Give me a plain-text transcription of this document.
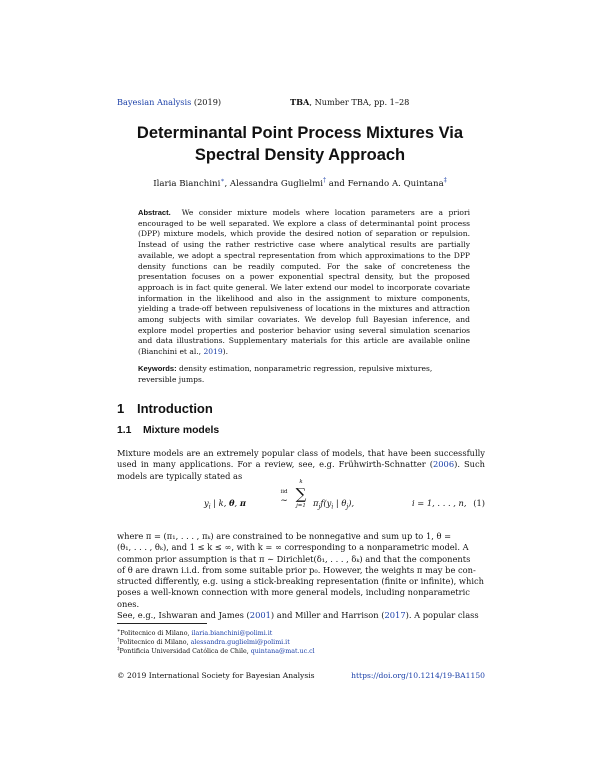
Bayesian Analysis (2019)	TBA, Number TBA, pp. 1–28
Determinantal Point Process Mixtures Via
Spectral Density Approach
Ilaria Bianchini∗, Alessandra Guglielmi† and Fernando A. Quintana‡
Abstract. We consider mixture models where location parameters are a priori encouraged to be well separated. We explore a class of determinantal point process (DPP) mixture models, which provide the desired notion of separation or repulsion. Instead of using the rather restrictive case where analytical results are partially available, we adopt a spectral representation from which approximations to the DPP density functions can be readily computed. For the sake of concreteness the presentation focuses on a power exponential spectral density, but the proposed approach is in fact quite general. We later extend our model to incorporate covariate information in the likelihood and also in the assignment to mixture components, yielding a trade-off between repulsiveness of locations in the mixtures and attraction among subjects with similar covariates. We develop full Bayesian inference, and explore model properties and posterior behavior using several simulation scenarios and data illustrations. Supplementary materials for this article are available online (Bianchini et al., 2019).
Keywords: density estimation, nonparametric regression, repulsive mixtures, reversible jumps.
1 Introduction
1.1 Mixture models
Mixture models are an extremely popular class of models, that have been successfully used in many applications. For a review, see, e.g. Frühwirth-Schnatter (2006). Such models are typically stated as
$y_i$ | k, θ, π
iid
∼
k
∑
j=1 $\pi_jf(y_i$ | $\theta_j$),	i = 1, . . . , n, (1)
where π = (π₁, . . . , πₖ) are constrained to be nonnegative and sum up to 1, θ =
(θ₁, . . . , θₖ), and 1 ≤ k ≤ ∞, with k = ∞ corresponding to a nonparametric model. A
common prior assumption is that π ∼ Dirichlet(δ₁, . . . , δₖ) and that the components
of θ are drawn i.i.d. from some suitable prior p₀. However, the weights π may be con-
structed differently, e.g. using a stick-breaking representation (finite or infinite), which
poses a well-known connection with more general models, including nonparametric ones.
See, e.g., Ishwaran and James (2001) and Miller and Harrison (2017). A popular class
∗Politecnico di Milano, ilaria.bianchini@polimi.it
†Politecnico di Milano, alessandra.guglielmi@polimi.it
‡Pontificia Universidad Católica de Chile, quintana@mat.uc.cl
© 2019 International Society for Bayesian Analysis	https://doi.org/10.1214/19-BA1150
